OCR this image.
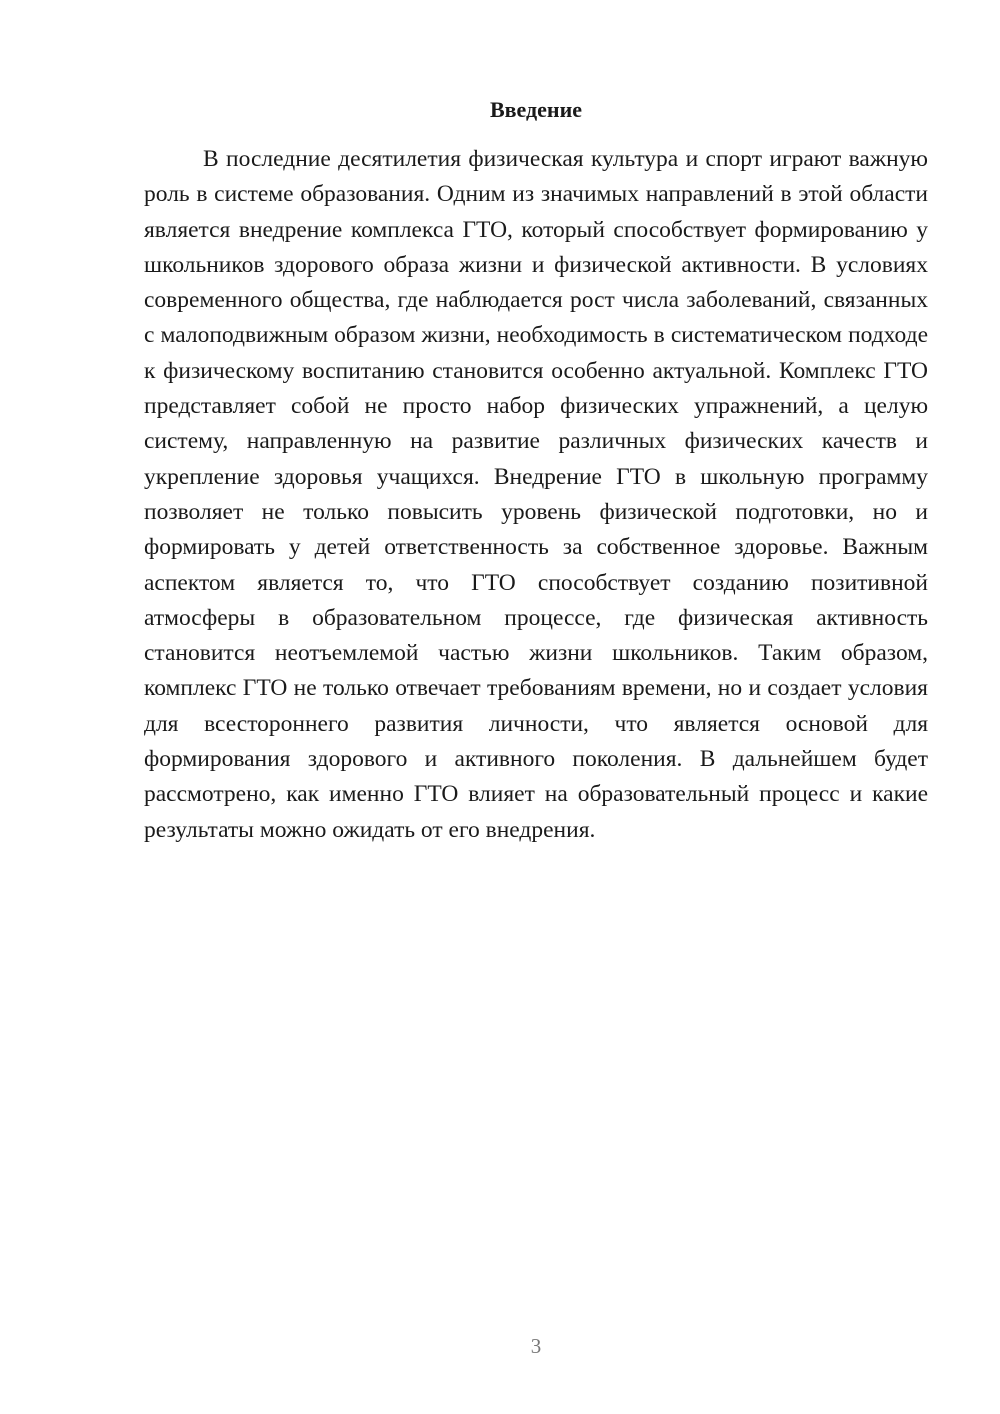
Введение

В последние десятилетия физическая культура и спорт играют важную роль в системе образования. Одним из значимых направлений в этой области является внедрение комплекса ГТО, который способствует формированию у школьников здорового образа жизни и физической активности. В условиях современного общества, где наблюдается рост числа заболеваний, связанных с малоподвижным образом жизни, необходимость в систематическом подходе к физическому воспитанию становится особенно актуальной. Комплекс ГТО представляет собой не просто набор физических упражнений, а целую систему, направленную на развитие различных физических качеств и укрепление здоровья учащихся. Внедрение ГТО в школьную программу позволяет не только повысить уровень физической подготовки, но и формировать у детей ответственность за собственное здоровье. Важным аспектом является то, что ГТО способствует созданию позитивной атмосферы в образовательном процессе, где физическая активность становится неотъемлемой частью жизни школьников. Таким образом, комплекс ГТО не только отвечает требованиям времени, но и создает условия для всестороннего развития личности, что является основой для формирования здорового и активного поколения. В дальнейшем будет рассмотрено, как именно ГТО влияет на образовательный процесс и какие результаты можно ожидать от его внедрения.

3
